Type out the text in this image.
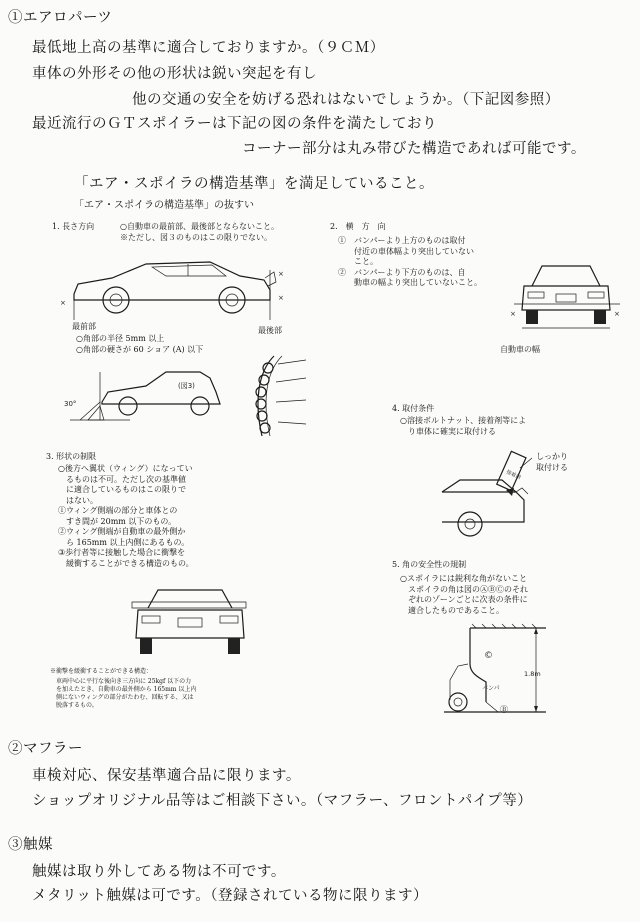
①エアロパーツ
最低地上高の基準に適合しておりますか。（９ＣＭ）
車体の外形その他の形状は鋭い突起を有し
他の交通の安全を妨げる恐れはないでしょうか。（下記図参照）
最近流行のＧＴスポイラーは下記の図の条件を満たしており
コーナー部分は丸み帯びた構造であれば可能です。
「エア・スポイラの構造基準」を満足していること。
「エア・スポイラの構造基準」の抜すい
1. 長さ方向	○自動車の最前部、最後部とならないこと。
※ただし、図３のものはこの限りでない。
×
×
×
最前部
○角部の半径 5mm 以上
○角部の硬さが 60 ショア (A) 以下
最後部
30°
(図3)
2.　横　方　向
①　バンパーより上方のものは取付
　　付近の車体幅より突出していない
　　こと。
②　バンパーより下方のものは、自
　　動車の幅より突出していないこと。
×	×
自動車の幅
3. 形状の制限
○後方へ翼状（ウィング）になってい
　るものは不可。ただし次の基準値
　に適合しているものはこの限りで
　はない。
①ウィング側端の部分と車体との
　すき間が 20mm 以下のもの。
②ウィング側端が自動車の最外側か
　ら 165mm 以上内側にあるもの。
③歩行者等に接触した場合に衝撃を
　緩衝することができる構造のもの。
※衝撃を緩衝することができる構造：
　車両中心に平行な後向き三方向に 25kgf 以下の力
　を加えたとき、自動車の最外側から 165mm 以上内
　側にないウィングの部分がたわむ、回転する、又は
　脱落するもの。
4. 取付条件
○溶接ボルトナット、接着剤等によ
　り車体に確実に取付ける
しっかり
取付ける
接着剤
5. 角の安全性の規制
○スポイラには鋭利な角がないこと
　スポイラの角は図のⒶⒷⒸのそれ
　ぞれのゾーンごとに次表の条件に
　適合したものであること。
©
バンパ
Ⓑ
1.8m
②マフラー
車検対応、保安基準適合品に限ります。
ショップオリジナル品等はご相談下さい。（マフラー、フロントパイプ等）
③触媒
触媒は取り外してある物は不可です。
メタリット触媒は可です。（登録されている物に限ります）
